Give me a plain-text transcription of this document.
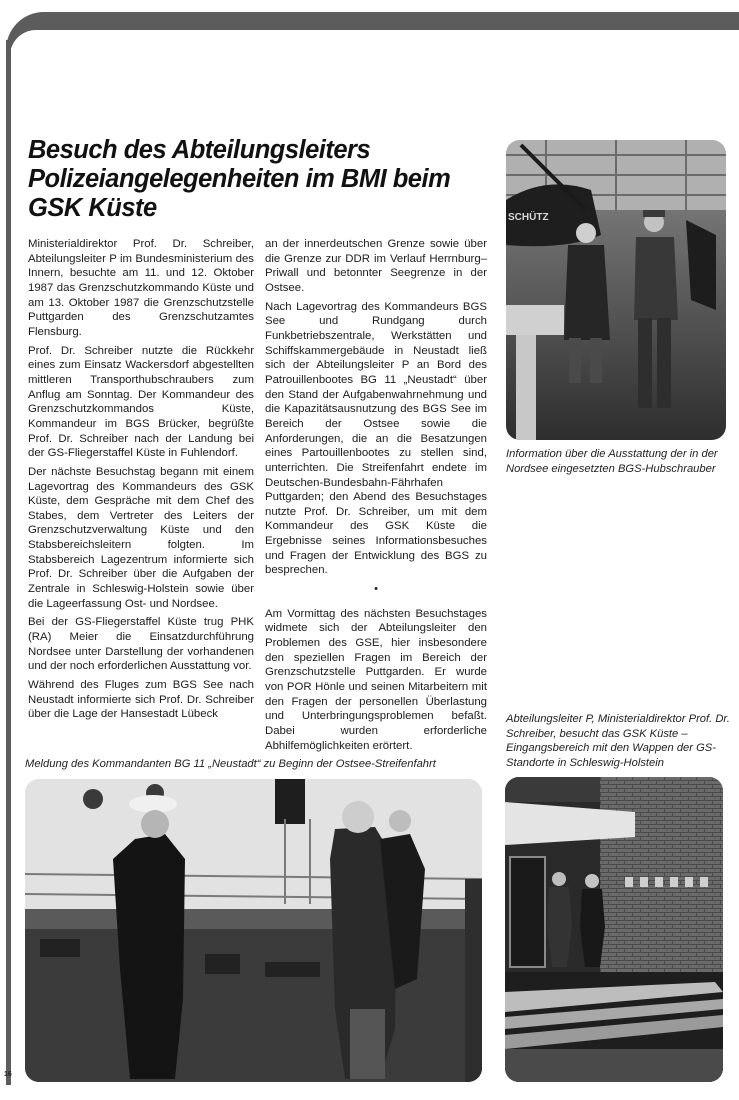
Besuch des Abteilungsleiters Polizeiangelegenheiten im BMI beim GSK Küste

Ministerialdirektor Prof. Dr. Schreiber, Abteilungsleiter P im Bundesministerium des Innern, besuchte am 11. und 12. Oktober 1987 das Grenzschutzkommando Küste und am 13. Oktober 1987 die Grenzschutzstelle Puttgarden des Grenzschutzamtes Flensburg.

Prof. Dr. Schreiber nutzte die Rückkehr eines zum Einsatz Wackersdorf abgestellten mittleren Transporthubschraubers zum Anflug am Sonntag. Der Kommandeur des Grenzschutzkommandos Küste, Kommandeur im BGS Brücker, begrüßte Prof. Dr. Schreiber nach der Landung bei der GS-Fliegerstaffel Küste in Fuhlendorf.

Der nächste Besuchstag begann mit einem Lagevortrag des Kommandeurs des GSK Küste, dem Gespräche mit dem Chef des Stabes, dem Vertreter des Leiters der Grenzschutzverwaltung Küste und den Stabsbereichsleitern folgten. Im Stabsbereich Lagezentrum informierte sich Prof. Dr. Schreiber über die Aufgaben der Zentrale in Schleswig-Holstein sowie über die Lageerfassung Ost- und Nordsee.

Bei der GS-Fliegerstaffel Küste trug PHK (RA) Meier die Einsatzdurchführung Nordsee unter Darstellung der vorhandenen und der noch erforderlichen Ausstattung vor.

Während des Fluges zum BGS See nach Neustadt informierte sich Prof. Dr. Schreiber über die Lage der Hansestadt Lübeck

an der innerdeutschen Grenze sowie über die Grenze zur DDR im Verlauf Herrnburg–Priwall und betonnter Seegrenze in der Ostsee.

Nach Lagevortrag des Kommandeurs BGS See und Rundgang durch Funkbetriebszentrale, Werkstätten und Schiffskammergebäude in Neustadt ließ sich der Abteilungsleiter P an Bord des Patrouillenbootes BG 11 „Neustadt“ über den Stand der Aufgabenwahrnehmung und die Kapazitätsausnutzung des BGS See im Bereich der Ostsee sowie die Anforderungen, die an die Besatzungen eines Partouillenbootes zu stellen sind, unterrichten. Die Streifenfahrt endete im Deutschen-Bundesbahn-Fährhafen Puttgarden; den Abend des Besuchstages nutzte Prof. Dr. Schreiber, um mit dem Kommandeur des GSK Küste die Ergebnisse seines Informationsbesuches und Fragen der Entwicklung des BGS zu besprechen.

•

Am Vormittag des nächsten Besuchstages widmete sich der Abteilungsleiter den Problemen des GSE, hier insbesondere den speziellen Fragen im Bereich der Grenzschutzstelle Puttgarden. Er wurde von POR Hönle und seinen Mitarbeitern mit den Fragen der personellen Überlastung und Unterbringungsproblemen befaßt. Dabei wurden erforderliche Abhilfemöglichkeiten erörtert.

SCHÜTZ
Information über die Ausstattung der in der Nordsee eingesetzten BGS-Hubschrauber
Abteilungsleiter P, Ministerialdirektor Prof. Dr. Schreiber, besucht das GSK Küste – Eingangsbereich mit den Wappen der GS-Standorte in Schleswig-Holstein
Meldung des Kommandanten BG 11 „Neustadt“ zu Beginn der Ostsee-Streifenfahrt
16
